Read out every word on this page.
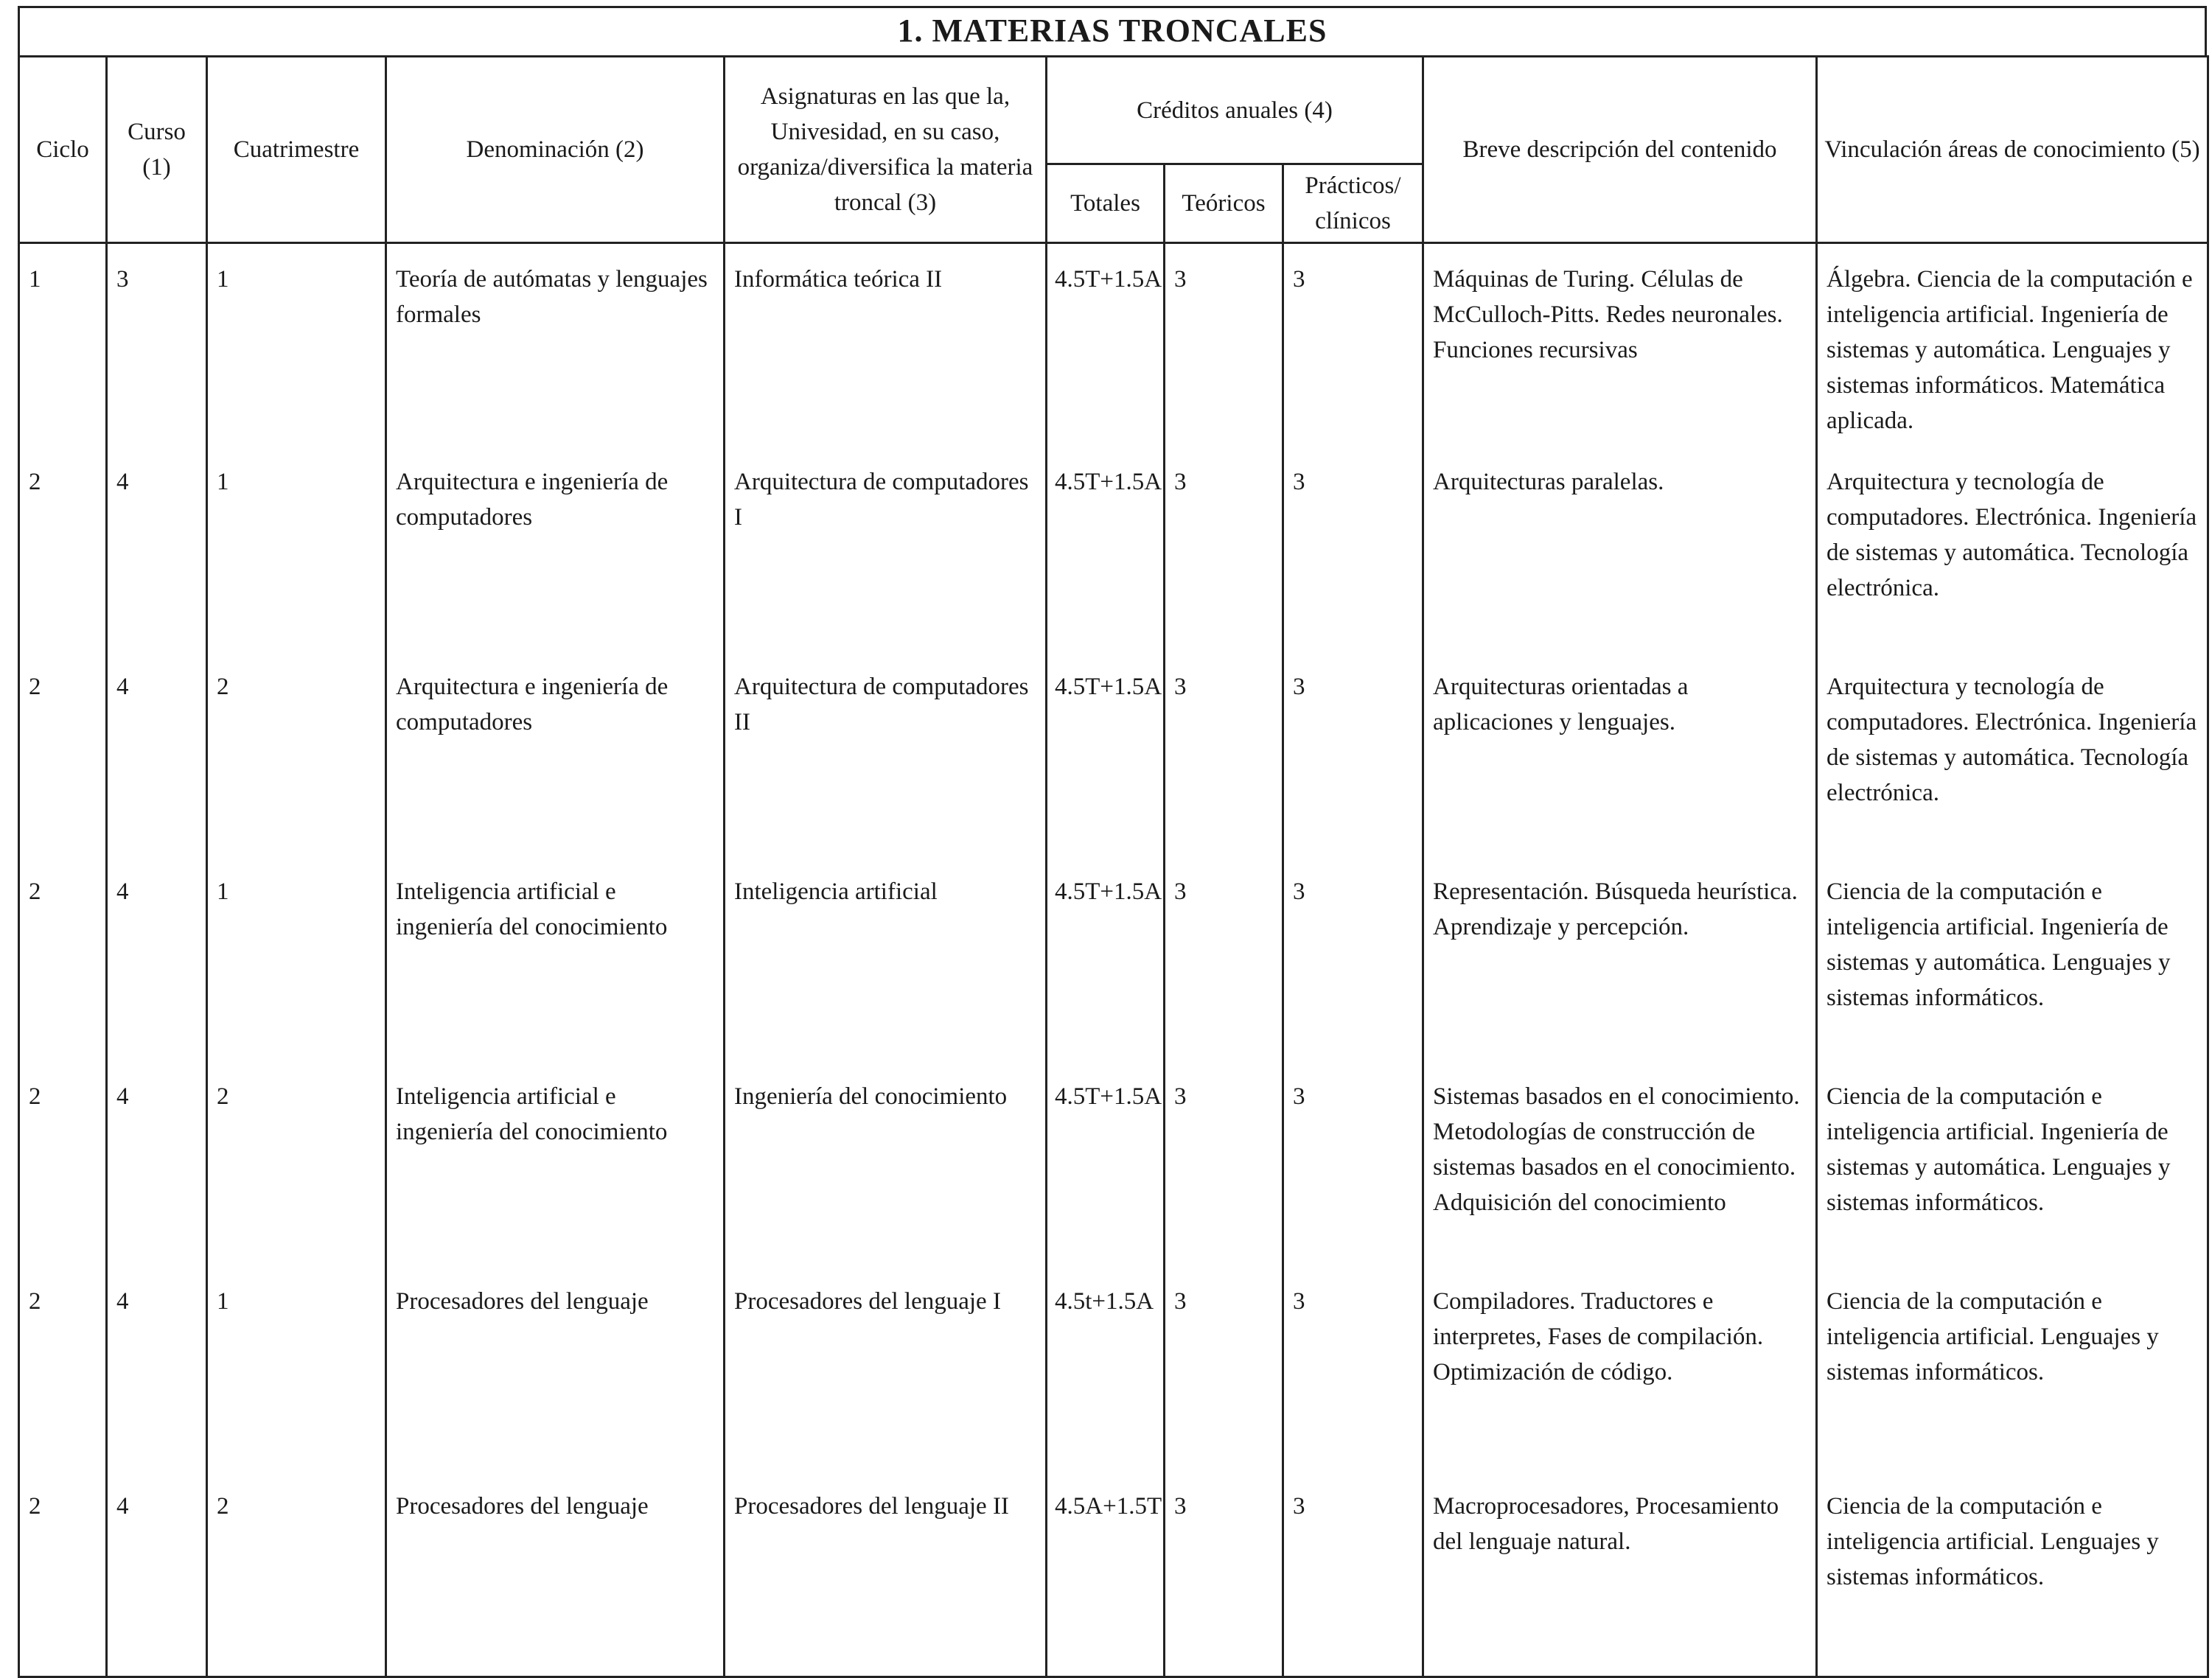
1. MATERIAS TRONCALES
Ciclo	Curso (1)	Cuatrimestre	Denominación (2)	Asignaturas en las que la, Univesidad, en su caso, organiza/diversifica la materia troncal (3)	Créditos anuales (4)			Breve descripción del contenido	Vinculación áreas de conocimiento (5)
					Totales	Teóricos	Prácticos/ clínicos		
1	3	1	Teoría de autómatas y lenguajes formales	Informática teórica II	4.5T+1.5A	3	3	Máquinas de Turing. Células de McCulloch-Pitts. Redes neuronales. Funciones recursivas	Álgebra. Ciencia de la computación e inteligencia artificial. Ingeniería de sistemas y automática. Lenguajes y sistemas informáticos. Matemática aplicada.
2	4	1	Arquitectura e ingeniería de computadores	Arquitectura de computadores I	4.5T+1.5A	3	3	Arquitecturas paralelas.	Arquitectura y tecnología de computadores. Electrónica. Ingeniería de sistemas y automática. Tecnología electrónica.
2	4	2	Arquitectura e ingeniería de computadores	Arquitectura de computadores II	4.5T+1.5A	3	3	Arquitecturas orientadas a aplicaciones y lenguajes.	Arquitectura y tecnología de computadores. Electrónica. Ingeniería de sistemas y automática. Tecnología electrónica.
2	4	1	Inteligencia artificial e ingeniería del conocimiento	Inteligencia artificial	4.5T+1.5A	3	3	Representación. Búsqueda heurística. Aprendizaje y percepción.	Ciencia de la computación e inteligencia artificial. Ingeniería de sistemas y automática. Lenguajes y sistemas informáticos.
2	4	2	Inteligencia artificial e ingeniería del conocimiento	Ingeniería del conocimiento	4.5T+1.5A	3	3	Sistemas basados en el conocimiento. Metodologías de construcción de sistemas basados en el conocimiento. Adquisición del conocimiento	Ciencia de la computación e inteligencia artificial. Ingeniería de sistemas y automática. Lenguajes y sistemas informáticos.
2	4	1	Procesadores del lenguaje	Procesadores del lenguaje I	4.5t+1.5A	3	3	Compiladores. Traductores e interpretes, Fases de compilación. Optimización de código.	Ciencia de la computación e inteligencia artificial. Lenguajes y sistemas informáticos.
2	4	2	Procesadores del lenguaje	Procesadores del lenguaje II	4.5A+1.5T	3	3	Macroprocesadores, Procesamiento del lenguaje natural.	Ciencia de la computación e inteligencia artificial. Lenguajes y sistemas informáticos.
